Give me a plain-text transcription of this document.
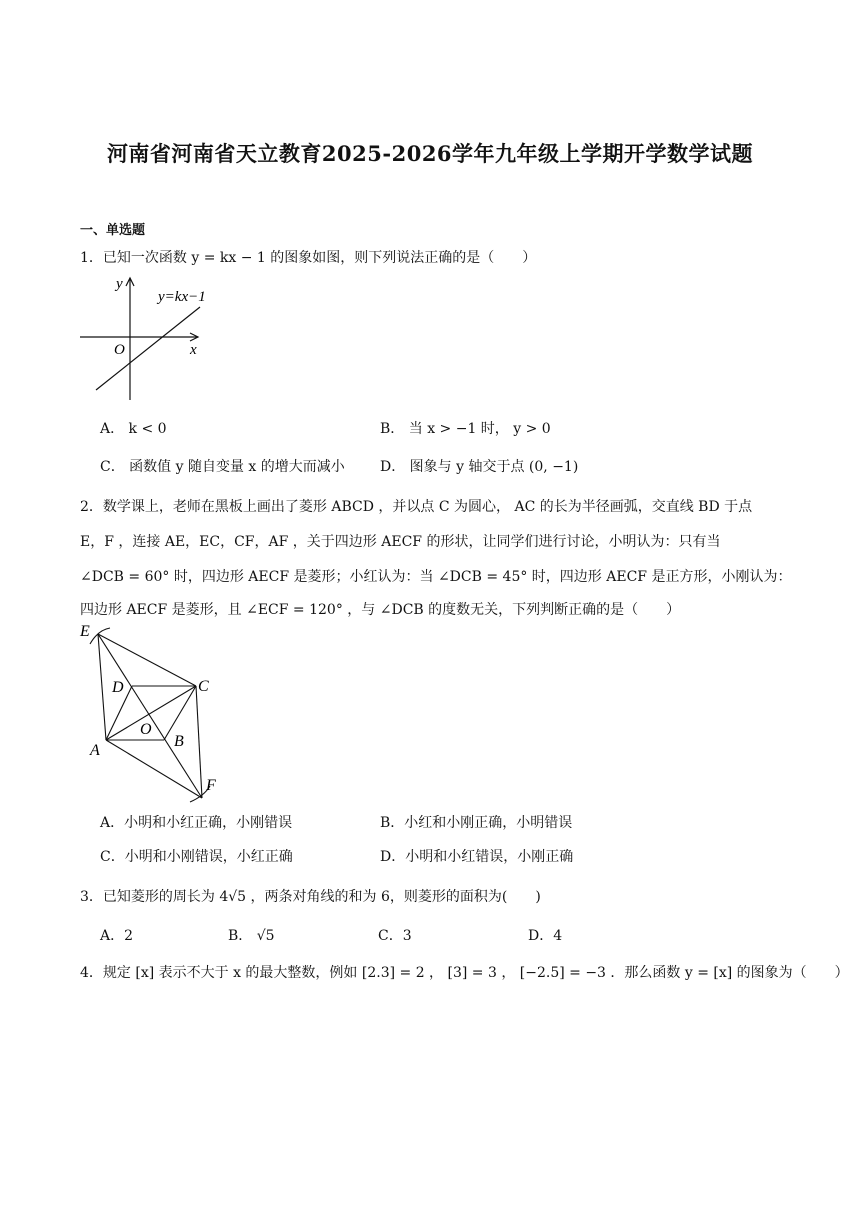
河南省河南省天立教育2025-2026学年九年级上学期开学数学试题
一、单选题
1．已知一次函数 y = kx − 1 的图象如图，则下列说法正确的是（　　）
y=kx−1
x
y
O
A． k < 0	B． 当 x > −1 时， y > 0
C． 函数值 y 随自变量 x 的增大而减小	D． 图象与 y 轴交于点 (0, −1)
2．数学课上，老师在黑板上画出了菱形 ABCD ，并以点 C 为圆心， AC 的长为半径画弧，交直线 BD 于点
E，F ，连接 AE，EC，CF，AF ，关于四边形 AECF 的形状，让同学们进行讨论，小明认为：只有当
∠DCB = 60° 时，四边形 AECF 是菱形；小红认为：当 ∠DCB = 45° 时，四边形 AECF 是正方形，小刚认为：
四边形 AECF 是菱形，且 ∠ECF = 120° ，与 ∠DCB 的度数无关，下列判断正确的是（　　）
E
D	C
O
B
A
F
A．小明和小红正确，小刚错误	B．小红和小刚正确，小明错误
C．小明和小刚错误，小红正确	D．小明和小红错误，小刚正确
3．已知菱形的周长为 4√5 ，两条对角线的和为 6，则菱形的面积为(　　)
A．2	B． √5	C．3	D．4
4．规定 [x] 表示不大于 x 的最大整数，例如 [2.3] = 2 ， [3] = 3 ， [−2.5] = −3 ．那么函数 y = [x] 的图象为（　　）
